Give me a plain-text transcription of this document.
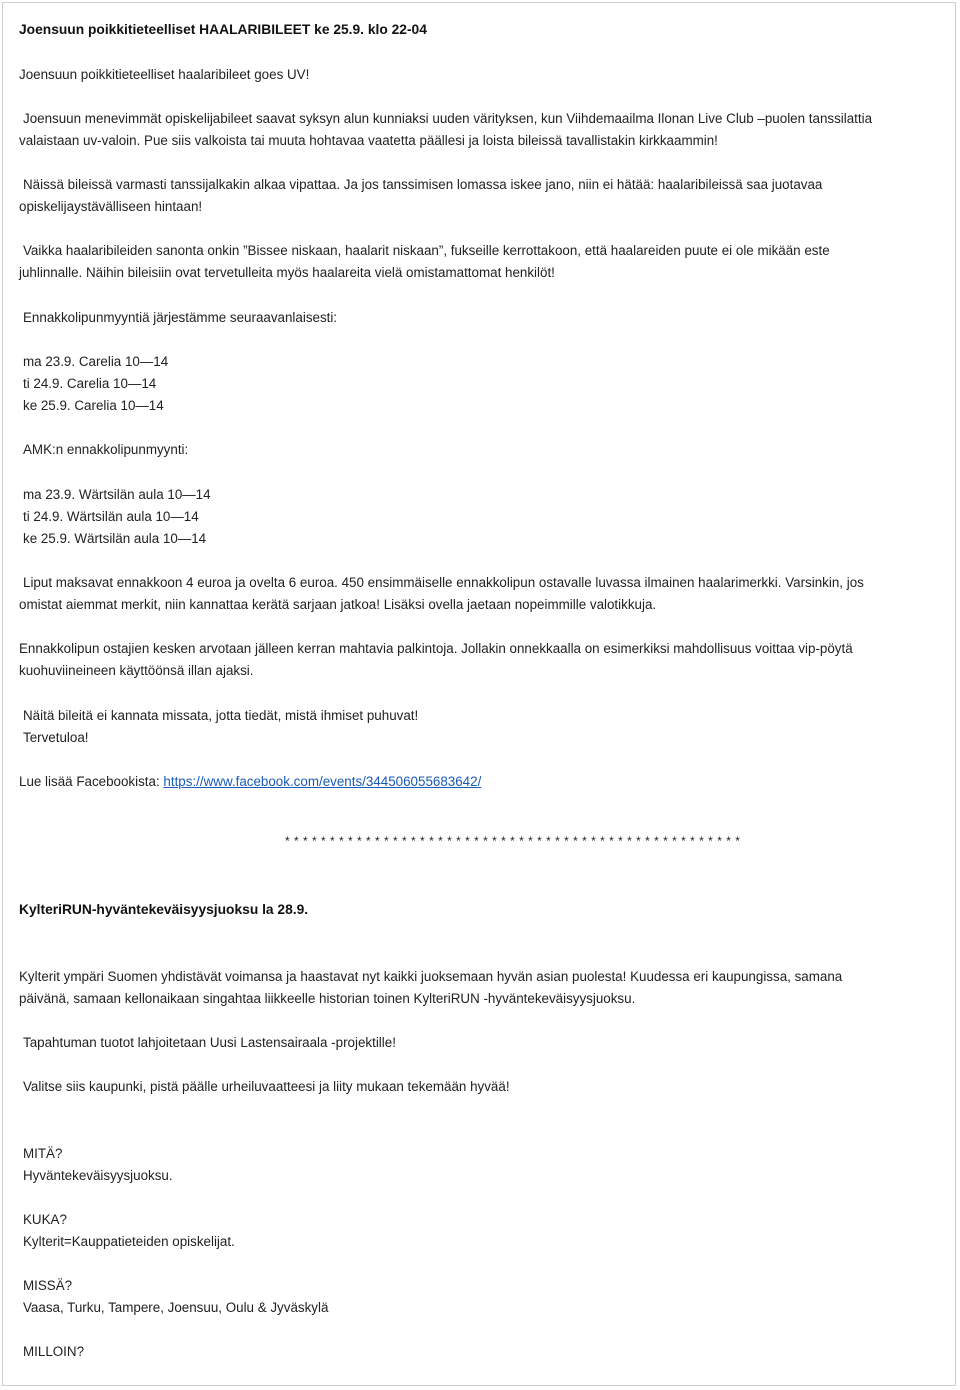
Joensuun poikkitieteelliset HAALARIBILEET ke 25.9. klo 22-04
Joensuun poikkitieteelliset haalaribileet goes UV!
Joensuun menevimmät opiskelijabileet saavat syksyn alun kunniaksi uuden värityksen, kun Viihdemaailma Ilonan Live Club –puolen tanssilattia
valaistaan uv-valoin. Pue siis valkoista tai muuta hohtavaa vaatetta päällesi ja loista bileissä tavallistakin kirkkaammin!
Näissä bileissä varmasti tanssijalkakin alkaa vipattaa. Ja jos tanssimisen lomassa iskee jano, niin ei hätää: haalaribileissä saa juotavaa
opiskelijaystävälliseen hintaan!
Vaikka haalaribileiden sanonta onkin ”Bissee niskaan, haalarit niskaan”, fukseille kerrottakoon, että haalareiden puute ei ole mikään este
juhlinnalle. Näihin bileisiin ovat tervetulleita myös haalareita vielä omistamattomat henkilöt!
Ennakkolipunmyyntiä järjestämme seuraavanlaisesti:
ma 23.9. Carelia 10—14
ti 24.9. Carelia 10—14
ke 25.9. Carelia 10—14
AMK:n ennakkolipunmyynti:
ma 23.9. Wärtsilän aula 10—14
ti 24.9. Wärtsilän aula 10—14
ke 25.9. Wärtsilän aula 10—14
Liput maksavat ennakkoon 4 euroa ja ovelta 6 euroa. 450 ensimmäiselle ennakkolipun ostavalle luvassa ilmainen haalarimerkki. Varsinkin, jos
omistat aiemmat merkit, niin kannattaa kerätä sarjaan jatkoa! Lisäksi ovella jaetaan nopeimmille valotikkuja.
Ennakkolipun ostajien kesken arvotaan jälleen kerran mahtavia palkintoja. Jollakin onnekkaalla on esimerkiksi mahdollisuus voittaa vip-pöytä
kuohuviineineen käyttöönsä illan ajaksi.
Näitä bileitä ei kannata missata, jotta tiedät, mistä ihmiset puhuvat!
Tervetuloa!
Lue lisää Facebookista: https://www.facebook.com/events/344506055683642/
* * * * * * * * * * * * * * * * * * * * * * * * * * * * * * * * * * * * * * * * * * * * * * * * * * *
KylteriRUN-hyväntekeväisyysjuoksu la 28.9.
Kylterit ympäri Suomen yhdistävät voimansa ja haastavat nyt kaikki juoksemaan hyvän asian puolesta! Kuudessa eri kaupungissa, samana
päivänä, samaan kellonaikaan singahtaa liikkeelle historian toinen KylteriRUN -hyväntekeväisyysjuoksu.
Tapahtuman tuotot lahjoitetaan Uusi Lastensairaala -projektille!
Valitse siis kaupunki, pistä päälle urheiluvaatteesi ja liity mukaan tekemään hyvää!
MITÄ?
Hyväntekeväisyysjuoksu.
KUKA?
Kylterit=Kauppatieteiden opiskelijat.
MISSÄ?
Vaasa, Turku, Tampere, Joensuu, Oulu & Jyväskylä
MILLOIN?
